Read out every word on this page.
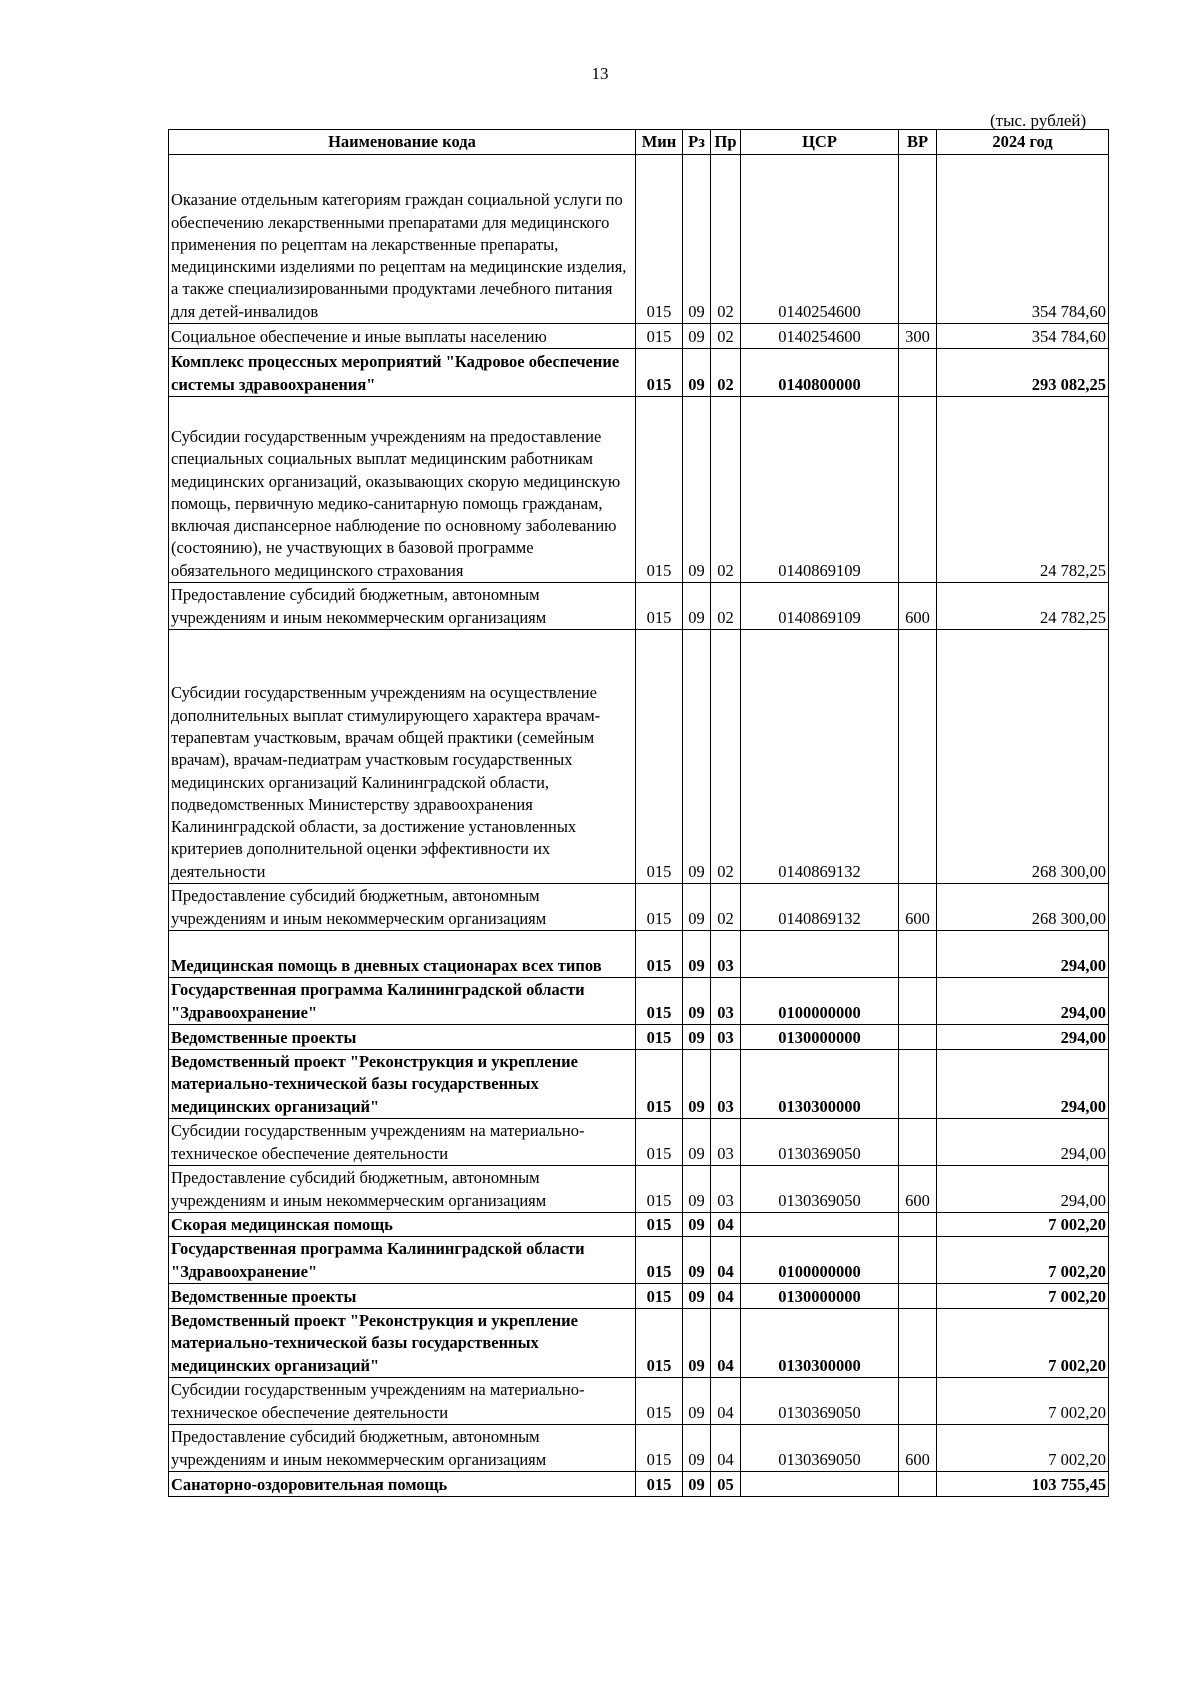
13
(тыс. рублей)
Наименование кода	Мин	Рз	Пр	ЦСР	ВР	2024 год
Оказание отдельным категориям граждан социальной услуги по обеспечению лекарственными препаратами для медицинского применения по рецептам на лекарственные препараты, медицинскими изделиями по рецептам на медицинские изделия, а также специализированными продуктами лечебного питания для детей-инвалидов	015	09	02	0140254600		354 784,60
Социальное обеспечение и иные выплаты населению	015	09	02	0140254600	300	354 784,60
Комплекс процессных мероприятий "Кадровое обеспечение системы здравоохранения"	015	09	02	0140800000		293 082,25
Субсидии государственным учреждениям на предоставление специальных социальных выплат медицинским работникам медицинских организаций, оказывающих скорую медицинскую помощь, первичную медико-санитарную помощь гражданам, включая диспансерное наблюдение по основному заболеванию (состоянию), не участвующих в базовой программе обязательного медицинского страхования	015	09	02	0140869109		24 782,25
Предоставление субсидий бюджетным, автономным учреждениям и иным некоммерческим организациям	015	09	02	0140869109	600	24 782,25
Субсидии государственным учреждениям на осуществление дополнительных выплат стимулирующего характера врачам-терапевтам участковым, врачам общей практики (семейным врачам), врачам-педиатрам участковым государственных медицинских организаций Калининградской области, подведомственных Министерству здравоохранения Калининградской области, за достижение установленных критериев дополнительной оценки эффективности их деятельности	015	09	02	0140869132		268 300,00
Предоставление субсидий бюджетным, автономным учреждениям и иным некоммерческим организациям	015	09	02	0140869132	600	268 300,00
Медицинская помощь в дневных стационарах всех типов	015	09	03			294,00
Государственная программа Калининградской области "Здравоохранение"	015	09	03	0100000000		294,00
Ведомственные проекты	015	09	03	0130000000		294,00
Ведомственный проект "Реконструкция и укрепление материально-технической базы государственных медицинских организаций"	015	09	03	0130300000		294,00
Субсидии государственным учреждениям на материально-техническое обеспечение деятельности	015	09	03	0130369050		294,00
Предоставление субсидий бюджетным, автономным учреждениям и иным некоммерческим организациям	015	09	03	0130369050	600	294,00
Скорая медицинская помощь	015	09	04			7 002,20
Государственная программа Калининградской области "Здравоохранение"	015	09	04	0100000000		7 002,20
Ведомственные проекты	015	09	04	0130000000		7 002,20
Ведомственный проект "Реконструкция и укрепление материально-технической базы государственных медицинских организаций"	015	09	04	0130300000		7 002,20
Субсидии государственным учреждениям на материально-техническое обеспечение деятельности	015	09	04	0130369050		7 002,20
Предоставление субсидий бюджетным, автономным учреждениям и иным некоммерческим организациям	015	09	04	0130369050	600	7 002,20
Санаторно-оздоровительная помощь	015	09	05			103 755,45
